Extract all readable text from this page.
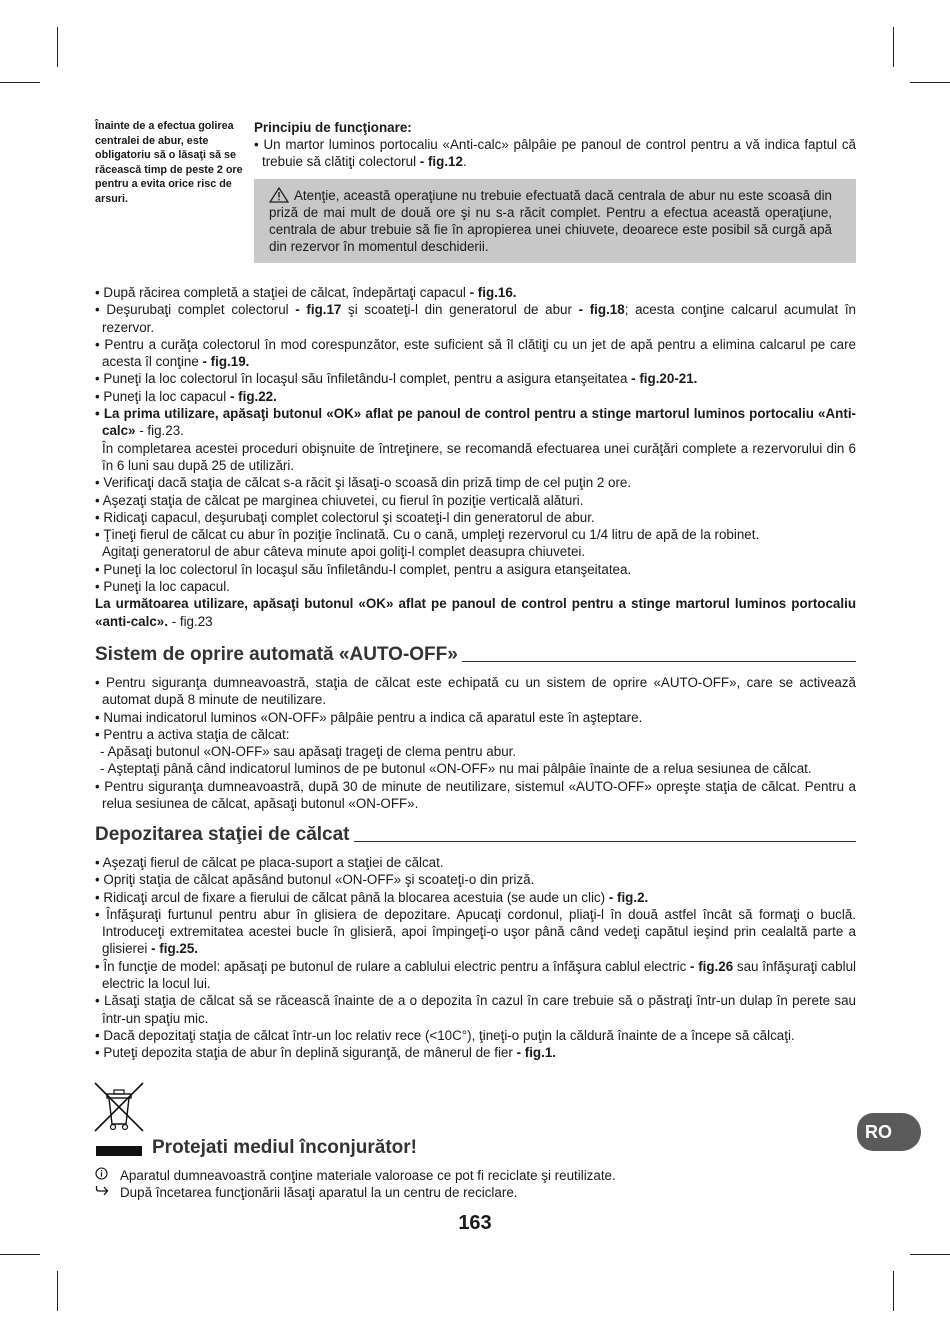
Înainte de a efectua golirea centralei de abur, este obligatoriu să o lăsaţi să se răcească timp de peste 2 ore pentru a evita orice risc de arsuri.
Principiu de funcţionare:
• Un martor luminos portocaliu «Anti-calc» pâlpâie pe panoul de control pentru a vă indica faptul că trebuie să clătiţi colectorul - fig.12.
Atenţie, această operaţiune nu trebuie efectuată dacă centrala de abur nu este scoasă din priză de mai mult de două ore şi nu s-a răcit complet. Pentru a efectua această operaţiune, centrala de abur trebuie să fie în apropierea unei chiuvete, deoarece este posibil să curgă apă din rezervor în momentul deschiderii.
• După răcirea completă a staţiei de călcat, îndepărtaţi capacul - fig.16.
• Deşurubaţi complet colectorul - fig.17 şi scoateţi-l din generatorul de abur - fig.18; acesta conţine calcarul acumulat în rezervor.
• Pentru a curăţa colectorul în mod corespunzător, este suficient să îl clătiţi cu un jet de apă pentru a elimina calcarul pe care acesta îl conţine - fig.19.
• Puneţi la loc colectorul în locaşul său înfiletându-l complet, pentru a asigura etanşeitatea - fig.20-21.
• Puneţi la loc capacul - fig.22.
• La prima utilizare, apăsaţi butonul «OK» aflat pe panoul de control pentru a stinge martorul luminos portocaliu «Anti-calc» - fig.23.
În completarea acestei proceduri obişnuite de întreţinere, se recomandă efectuarea unei curăţări complete a rezervorului din 6 în 6 luni sau după 25 de utilizări.
• Verificaţi dacă staţia de călcat s-a răcit şi lăsaţi-o scoasă din priză timp de cel puţin 2 ore.
• Aşezaţi staţia de călcat pe marginea chiuvetei, cu fierul în poziţie verticală alături.
• Ridicaţi capacul, deşurubaţi complet colectorul şi scoateţi-l din generatorul de abur.
• Ţineţi fierul de călcat cu abur în poziţie înclinată. Cu o cană, umpleţi rezervorul cu 1/4 litru de apă de la robinet.
Agitaţi generatorul de abur câteva minute apoi goliţi-l complet deasupra chiuvetei.
• Puneţi la loc colectorul în locaşul său înfiletându-l complet, pentru a asigura etanşeitatea.
• Puneţi la loc capacul.
La următoarea utilizare, apăsaţi butonul «OK» aflat pe panoul de control pentru a stinge martorul luminos portocaliu «anti-calc». - fig.23
Sistem de oprire automată «AUTO-OFF»
• Pentru siguranţa dumneavoastră, staţia de călcat este echipată cu un sistem de oprire «AUTO-OFF», care se activează automat după 8 minute de neutilizare.
• Numai indicatorul luminos «ON-OFF» pâlpâie pentru a indica că aparatul este în aşteptare.
• Pentru a activa staţia de călcat:
- Apăsaţi butonul «ON-OFF» sau apăsaţi trageţi de clema pentru abur.
- Aşteptaţi până când indicatorul luminos de pe butonul «ON-OFF» nu mai pâlpâie înainte de a relua sesiunea de călcat.
• Pentru siguranţa dumneavoastră, după 30 de minute de neutilizare, sistemul «AUTO-OFF» opreşte staţia de călcat. Pentru a relua sesiunea de călcat, apăsaţi butonul «ON-OFF».
Depozitarea staţiei de călcat
• Aşezaţi fierul de călcat pe placa-suport a staţiei de călcat.
• Opriţi staţia de călcat apăsând butonul «ON-OFF» şi scoateţi-o din priză.
• Ridicaţi arcul de fixare a fierului de călcat până la blocarea acestuia (se aude un clic) - fig.2.
• Înfăşuraţi furtunul pentru abur în glisiera de depozitare. Apucaţi cordonul, pliaţi-l în două astfel încât să formaţi o buclă. Introduceţi extremitatea acestei bucle în glisieră, apoi împingeţi-o uşor până când vedeţi capătul ieşind prin cealaltă parte a glisierei - fig.25.
• În funcţie de model: apăsaţi pe butonul de rulare a cablului electric pentru a înfăşura cablul electric - fig.26 sau înfăşuraţi cablul electric la locul lui.
• Lăsaţi staţia de călcat să se răcească înainte de a o depozita în cazul în care trebuie să o păstraţi într-un dulap în perete sau într-un spaţiu mic.
• Dacă depozitaţi staţia de călcat într-un loc relativ rece (<10C°), ţineţi-o puţin la căldură înainte de a începe să călcaţi.
• Puteţi depozita staţia de abur în deplină siguranţă, de mânerul de fier - fig.1.
Protejati mediul înconjurător!
Aparatul dumneavoastră conţine materiale valoroase ce pot fi reciclate şi reutilizate.
După încetarea funcţionării lăsaţi aparatul la un centru de reciclare.
163
RO
